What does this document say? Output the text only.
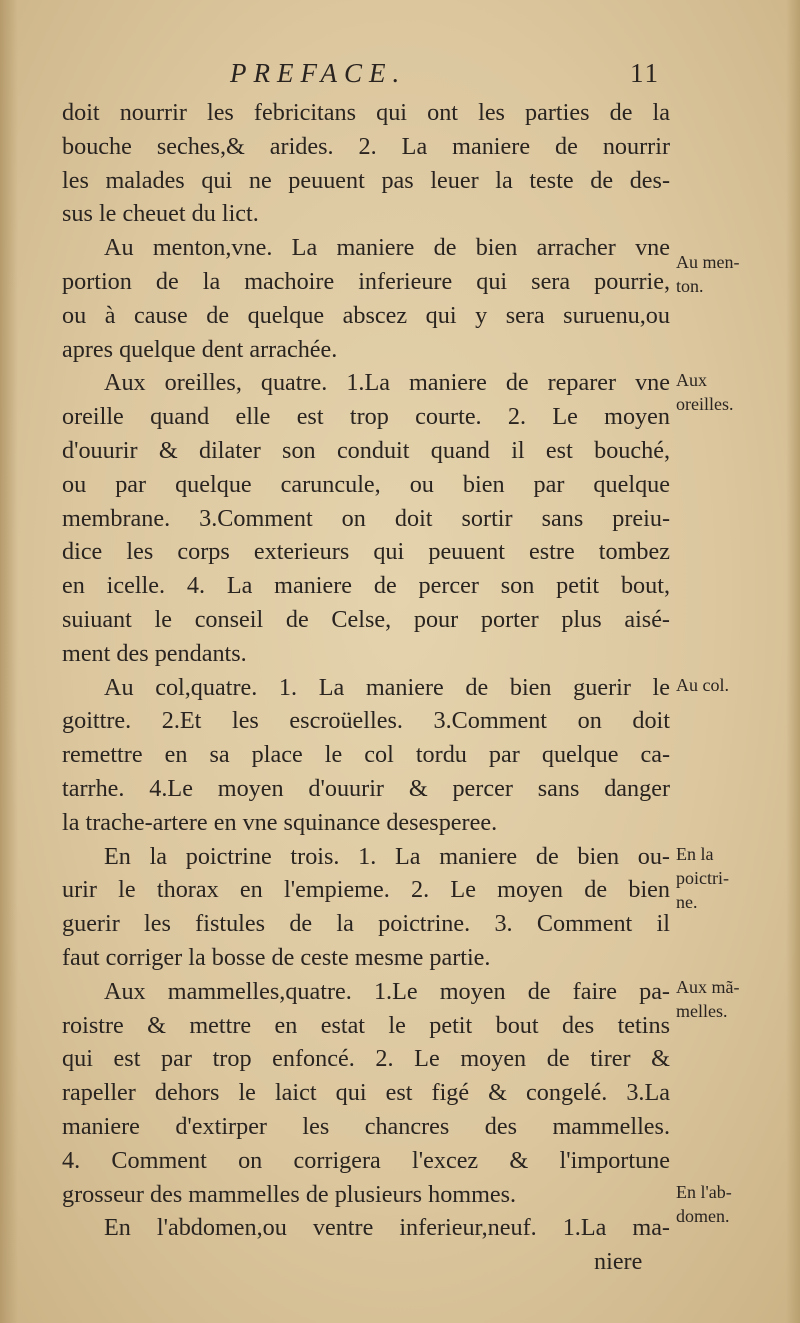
PREFACE.	11
doit nourrir les febricitans qui ont les parties de la
bouche seches,& arides. 2. La maniere de nourrir
les malades qui ne peuuent pas leuer la teste de des-
sus le cheuet du lict.
Au menton,vne. La maniere de bien arracher vne
portion de la machoire inferieure qui sera pourrie,
ou à cause de quelque abscez qui y sera suruenu,ou
apres quelque dent arrachée.
Aux oreilles, quatre. 1.La maniere de reparer vne
oreille quand elle est trop courte. 2. Le moyen
d'ouurir & dilater son conduit quand il est bouché,
ou par quelque caruncule, ou bien par quelque
membrane. 3.Comment on doit sortir sans preiu-
dice les corps exterieurs qui peuuent estre tombez
en icelle. 4. La maniere de percer son petit bout,
suiuant le conseil de Celse, pour porter plus aisé-
ment des pendants.
Au col,quatre. 1. La maniere de bien guerir le
goittre. 2.Et les escroüelles. 3.Comment on doit
remettre en sa place le col tordu par quelque ca-
tarrhe. 4.Le moyen d'ouurir & percer sans danger
la trache-artere en vne squinance desesperee.
En la poictrine trois. 1. La maniere de bien ou-
urir le thorax en l'empieme. 2. Le moyen de bien
guerir les fistules de la poictrine. 3. Comment il
faut corriger la bosse de ceste mesme partie.
Aux mammelles,quatre. 1.Le moyen de faire pa-
roistre & mettre en estat le petit bout des tetins
qui est par trop enfoncé. 2. Le moyen de tirer &
rapeller dehors le laict qui est figé & congelé. 3.La
maniere d'extirper les chancres des mammelles.
4. Comment on corrigera l'excez & l'importune
grosseur des mammelles de plusieurs hommes.
En l'abdomen,ou ventre inferieur,neuf. 1.La ma-
niere
Au men-
ton.
Aux
oreilles.
Au col.
En la
poictri-
ne.
Aux mã-
melles.
En l'ab-
domen.
